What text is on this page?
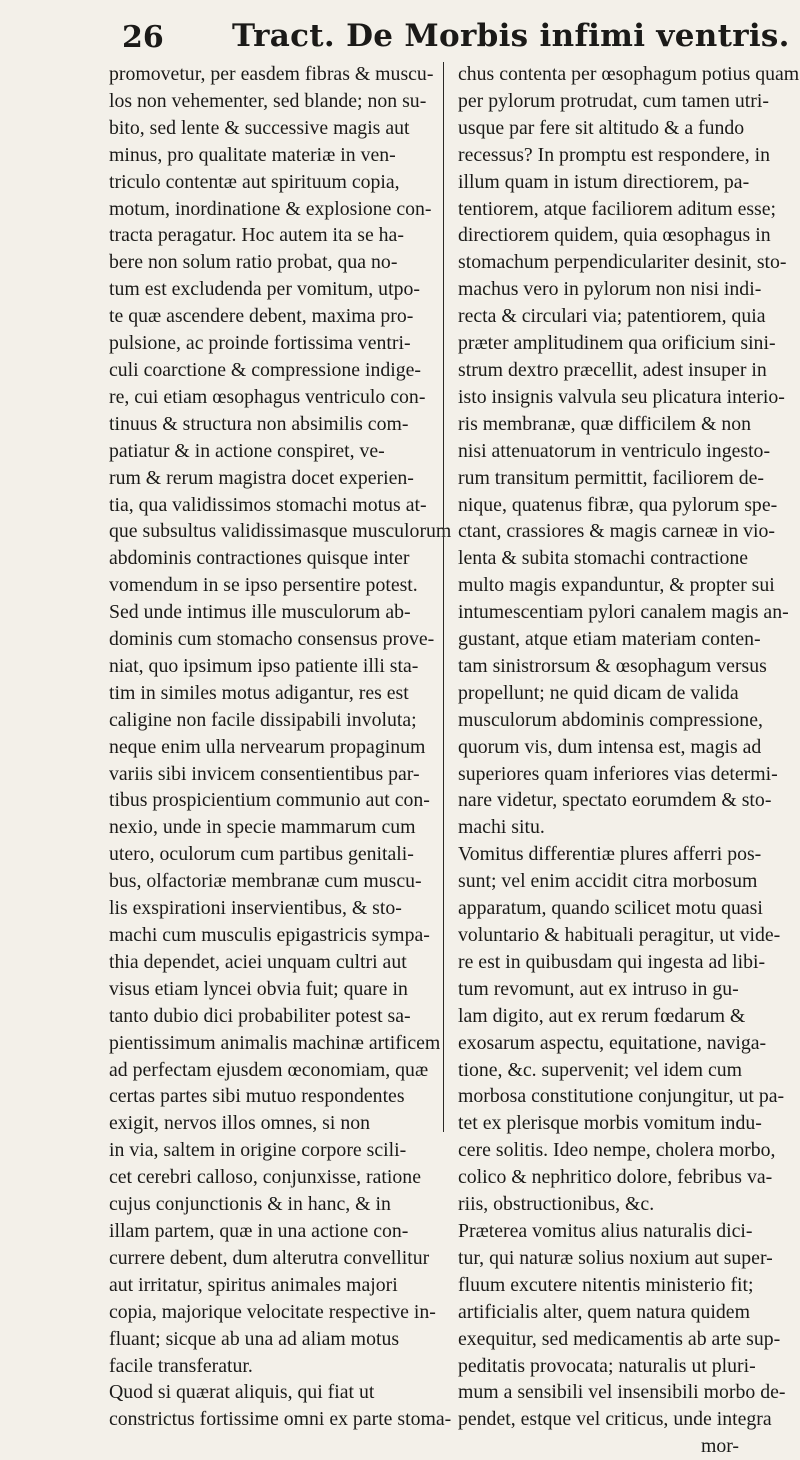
26 Tract. De Morbis infimi ventris.
promovetur, per easdem fibras & muscu-
los non vehementer, sed blande; non su-
bito, sed lente & successive magis aut
minus, pro qualitate materiæ in ven-
triculo contentæ aut spirituum copia,
motum, inordinatione & explosione con-
tracta peragatur. Hoc autem ita se ha-
bere non solum ratio probat, qua no-
tum est excludenda per vomitum, utpo-
te quæ ascendere debent, maxima pro-
pulsione, ac proinde fortissima ventri-
culi coarctione & compressione indige-
re, cui etiam œsophagus ventriculo con-
tinuus & structura non absimilis com-
patiatur & in actione conspiret, ve-
rum & rerum magistra docet experien-
tia, qua validissimos stomachi motus at-
que subsultus validissimasque musculorum
abdominis contractiones quisque inter
vomendum in se ipso persentire potest.
Sed unde intimus ille musculorum ab-
dominis cum stomacho consensus prove-
niat, quo ipsimum ipso patiente illi sta-
tim in similes motus adigantur, res est
caligine non facile dissipabili involuta;
neque enim ulla nervearum propaginum
variis sibi invicem consentientibus par-
tibus prospicientium communio aut con-
nexio, unde in specie mammarum cum
utero, oculorum cum partibus genitali-
bus, olfactoriæ membranæ cum muscu-
lis exspirationi inservientibus, & sto-
machi cum musculis epigastricis sympa-
thia dependet, aciei unquam cultri aut
visus etiam lyncei obvia fuit; quare in
tanto dubio dici probabiliter potest sa-
pientissimum animalis machinæ artificem
ad perfectam ejusdem œconomiam, quæ
certas partes sibi mutuo respondentes
exigit, nervos illos omnes, si non
in via, saltem in origine corpore scili-
cet cerebri calloso, conjunxisse, ratione
cujus conjunctionis & in hanc, & in
illam partem, quæ in una actione con-
currere debent, dum alterutra convellitur
aut irritatur, spiritus animales majori
copia, majorique velocitate respective in-
fluant; sicque ab una ad aliam motus
facile transferatur.
Quod si quærat aliquis, qui fiat ut
constrictus fortissime omni ex parte stoma-
chus contenta per œsophagum potius quam
per pylorum protrudat, cum tamen utri-
usque par fere sit altitudo & a fundo
recessus? In promptu est respondere, in
illum quam in istum directiorem, pa-
tentiorem, atque faciliorem aditum esse;
directiorem quidem, quia œsophagus in
stomachum perpendiculariter desinit, sto-
machus vero in pylorum non nisi indi-
recta & circulari via; patentiorem, quia
præter amplitudinem qua orificium sini-
strum dextro præcellit, adest insuper in
isto insignis valvula seu plicatura interio-
ris membranæ, quæ difficilem & non
nisi attenuatorum in ventriculo ingesto-
rum transitum permittit, faciliorem de-
nique, quatenus fibræ, qua pylorum spe-
ctant, crassiores & magis carneæ in vio-
lenta & subita stomachi contractione
multo magis expanduntur, & propter sui
intumescentiam pylori canalem magis an-
gustant, atque etiam materiam conten-
tam sinistrorsum & œsophagum versus
propellunt; ne quid dicam de valida
musculorum abdominis compressione,
quorum vis, dum intensa est, magis ad
superiores quam inferiores vias determi-
nare videtur, spectato eorumdem & sto-
machi situ.
Vomitus differentiæ plures afferri pos-
sunt; vel enim accidit citra morbosum
apparatum, quando scilicet motu quasi
voluntario & habituali peragitur, ut vide-
re est in quibusdam qui ingesta ad libi-
tum revomunt, aut ex intruso in gu-
lam digito, aut ex rerum fœdarum &
exosarum aspectu, equitatione, naviga-
tione, &c. supervenit; vel idem cum
morbosa constitutione conjungitur, ut pa-
tet ex plerisque morbis vomitum indu-
cere solitis. Ideo nempe, cholera morbo,
colico & nephritico dolore, febribus va-
riis, obstructionibus, &c.
Præterea vomitus alius naturalis dici-
tur, qui naturæ solius noxium aut super-
fluum excutere nitentis ministerio fit;
artificialis alter, quem natura quidem
exequitur, sed medicamentis ab arte sup-
peditatis provocata; naturalis ut pluri-
mum a sensibili vel insensibili morbo de-
pendet, estque vel criticus, unde integra
mor-
